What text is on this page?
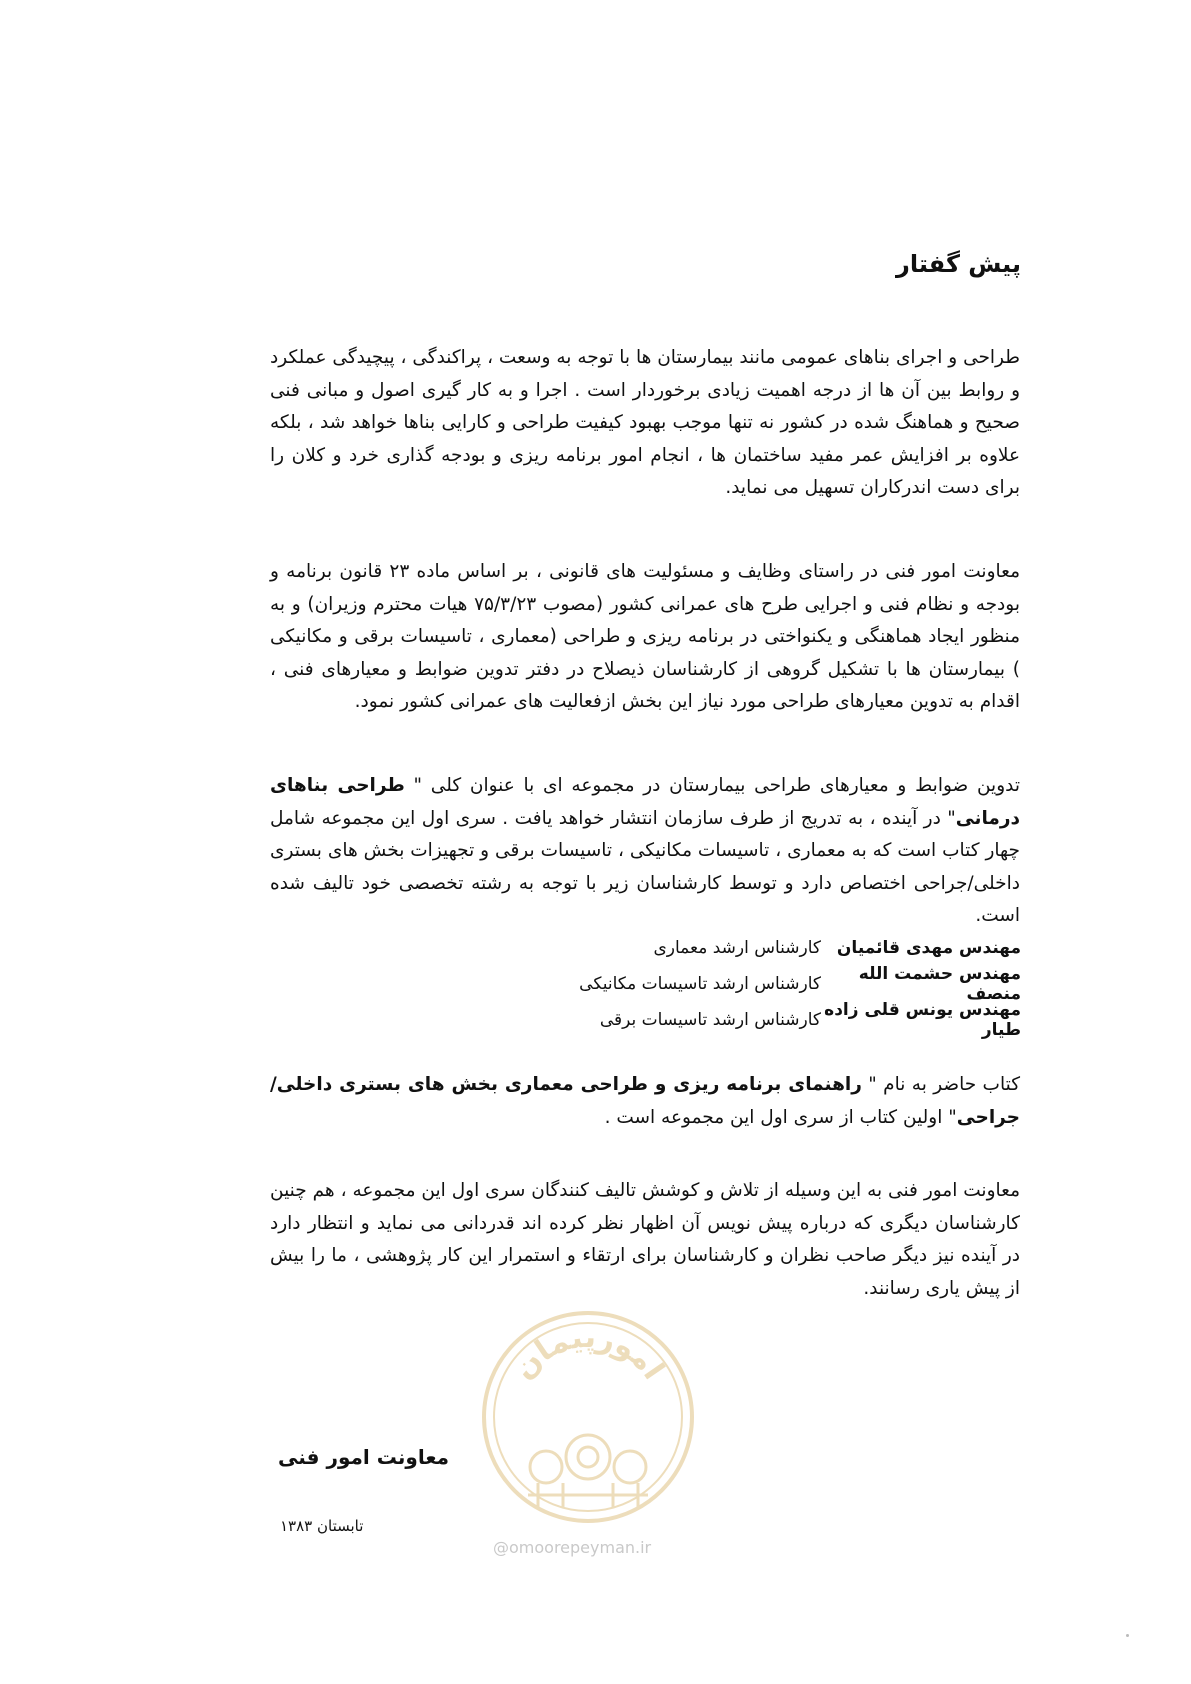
پیش گفتار

طراحی و اجرای بناهای عمومی مانند بیمارستان ها با توجه به وسعت ، پراکندگی ، پیچیدگی عملکرد و روابط بین آن ها از درجه اهمیت زیادی برخوردار است . اجرا و به کار گیری اصول و مبانی فنی صحیح و هماهنگ شده در کشور نه تنها موجب بهبود کیفیت طراحی و کارایی بناها خواهد شد ، بلکه علاوه بر افزایش عمر مفید ساختمان ها ، انجام امور برنامه ریزی و بودجه گذاری خرد و کلان را برای دست اندرکاران تسهیل می نماید.

معاونت امور فنی در راستای وظایف و مسئولیت های قانونی ، بر اساس ماده ۲۳ قانون برنامه و بودجه و نظام فنی و اجرایی طرح های عمرانی کشور (مصوب ۷۵/۳/۲۳ هیات محترم وزیران) و به منظور ایجاد هماهنگی و یکنواختی در برنامه ریزی و طراحی (معماری ، تاسیسات برقی و مکانیکی ) بیمارستان ها با تشکیل گروهی از کارشناسان ذیصلاح در دفتر تدوین ضوابط و معیارهای فنی ، اقدام به تدوین معیارهای طراحی مورد نیاز این بخش ازفعالیت های عمرانی کشور نمود.

تدوین ضوابط و معیارهای طراحی بیمارستان در مجموعه ای با عنوان کلی " طراحی بناهای درمانی" در آینده ، به تدریج از طرف سازمان انتشار خواهد یافت . سری اول این مجموعه شامل چهار کتاب است که به معماری ، تاسیسات مکانیکی ، تاسیسات برقی و تجهیزات بخش های بستری داخلی/جراحی اختصاص دارد و توسط کارشناسان زیر با توجه به رشته تخصصی خود تالیف شده است.

مهندس مهدی قائمیان
کارشناس ارشد معماری
مهندس حشمت الله منصف
کارشناس ارشد تاسیسات مکانیکی
مهندس یونس قلی زاده طیار
کارشناس ارشد تاسیسات برقی

کتاب حاضر به نام " راهنمای برنامه ریزی و طراحی معماری بخش های بستری داخلی/جراحی" اولین کتاب از سری اول این مجموعه است .

معاونت امور فنی به این وسیله از تلاش و کوشش تالیف کنندگان سری اول این مجموعه ، هم چنین کارشناسان دیگری که درباره پیش نویس آن اظهار نظر کرده اند قدردانی می نماید و انتظار دارد در آینده نیز دیگر صاحب نظران و کارشناسان برای ارتقاء و استمرار این کار پژوهشی ، ما را بیش از پیش یاری رسانند.

امورپیمان
@omoorepeyman.ir
معاونت امور فنی

تابستان ۱۳۸۳
